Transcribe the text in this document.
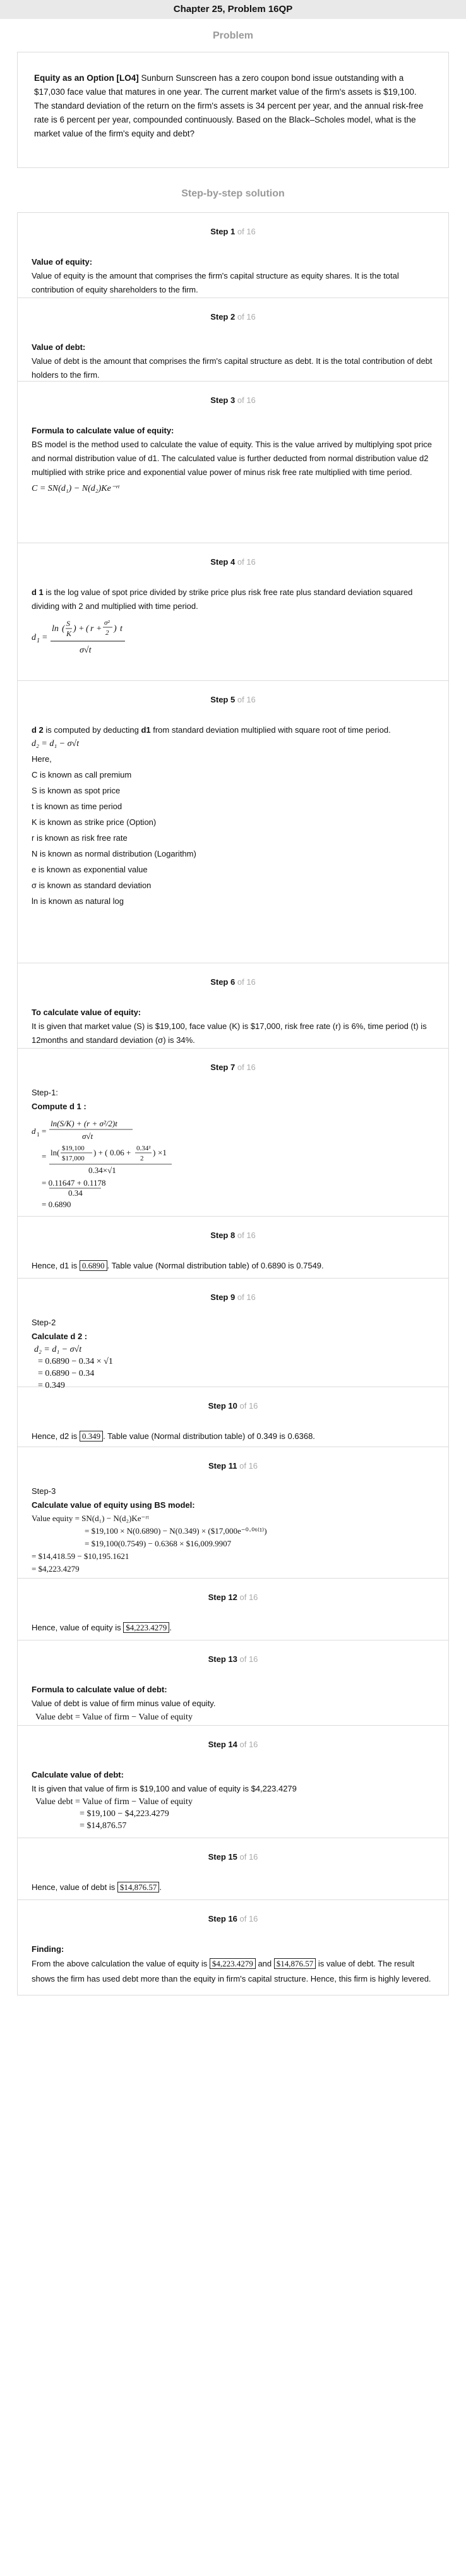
Chapter 25, Problem 16QP
Problem

Equity as an Option [LO4] Sunburn Sunscreen has a zero coupon bond issue outstanding with a $17,030 face value that matures in one year. The current market value of the firm's assets is $19,100. The standard deviation of the return on the firm's assets is 34 percent per year, and the annual risk-free rate is 6 percent per year, compounded continuously. Based on the Black–Scholes model, what is the market value of the firm's equity and debt?

Step-by-step solution
Step 1 of 16

Value of equity:

Value of equity is the amount that comprises the firm's capital structure as equity shares. It is the total contribution of equity shareholders to the firm.

Step 2 of 16

Value of debt:

Value of debt is the amount that comprises the firm's capital structure as debt. It is the total contribution of debt holders to the firm.

Step 3 of 16

Formula to calculate value of equity:

BS model is the method used to calculate the value of equity. This is the value arrived by multiplying spot price and normal distribution value of d1. The calculated value is further deducted from normal distribution value d2 multiplied with strike price and exponential value power of minus risk free rate multiplied with time period.

C = SN(d₁) − N(d₂)Ke⁻ʳᵗ

Step 4 of 16

d 1 is the log value of spot price divided by strike price plus risk free rate plus standard deviation squared dividing with 2 and multiplied with time period.

d 1 =
ln (
S
K ) + ( r +
σ²
2 ) t
σ√t
Step 5 of 16

d 2 is computed by deducting d1 from standard deviation multiplied with square root of time period.

d₂ = d₁ − σ√t

Here,

C is known as call premium

S is known as spot price

t is known as time period

K is known as strike price (Option)

r is known as risk free rate

N is known as normal distribution (Logarithm)

e is known as exponential value

σ is known as standard deviation

ln is known as natural log

Step 6 of 16

To calculate value of equity:

It is given that market value (S) is $19,100, face value (K) is $17,000, risk free rate (r) is 6%, time period (t) is 12months and standard deviation (σ) is 34%.

Step 7 of 16

Step-1:

Compute d 1 :

d 1 =
ln(S/K) + (r + σ²/2)t
σ√t
= ln( $19,100
$17,000
) + ( 0.06 + 0.34²
2
) ×1
0.34×√1
= 0.11647 + 0.1178
0.34
= 0.6890
Step 8 of 16

Hence, d1 is 0.6890 . Table value (Normal distribution table) of 0.6890 is 0.7549.

Step 9 of 16

Step-2

Calculate d 2 :

d₂ = d₁ − σ√t

= 0.6890 − 0.34 × √1

= 0.6890 − 0.34

= 0.349

Step 10 of 16

Hence, d2 is 0.349 . Table value (Normal distribution table) of 0.349 is 0.6368.

Step 11 of 16

Step-3

Calculate value of equity using BS model:

Value equity = SN(d₁) − N(d₂)Ke⁻ʳᵗ

= $19,100 × N(0.6890) − N(0.349) × ($17,000e⁻⁰·⁰⁶⁽¹⁾)

= $19,100(0.7549) − 0.6368 × $16,009.9907

= $14,418.59 − $10,195.1621

= $4,223.4279

Step 12 of 16

Hence, value of equity is $4,223.4279 .

Step 13 of 16

Formula to calculate value of debt:

Value of debt is value of firm minus value of equity.

Value debt = Value of firm − Value of equity

Step 14 of 16

Calculate value of debt:

It is given that value of firm is $19,100 and value of equity is $4,223.4279

Value debt = Value of firm − Value of equity

= $19,100 − $4,223.4279

= $14,876.57

Step 15 of 16

Hence, value of debt is $14,876.57 .

Step 16 of 16

Finding:

From the above calculation the value of equity is $4,223.4279 and $14,876.57 is value of debt. The result shows the firm has used debt more than the equity in firm's capital structure. Hence, this firm is highly levered.
